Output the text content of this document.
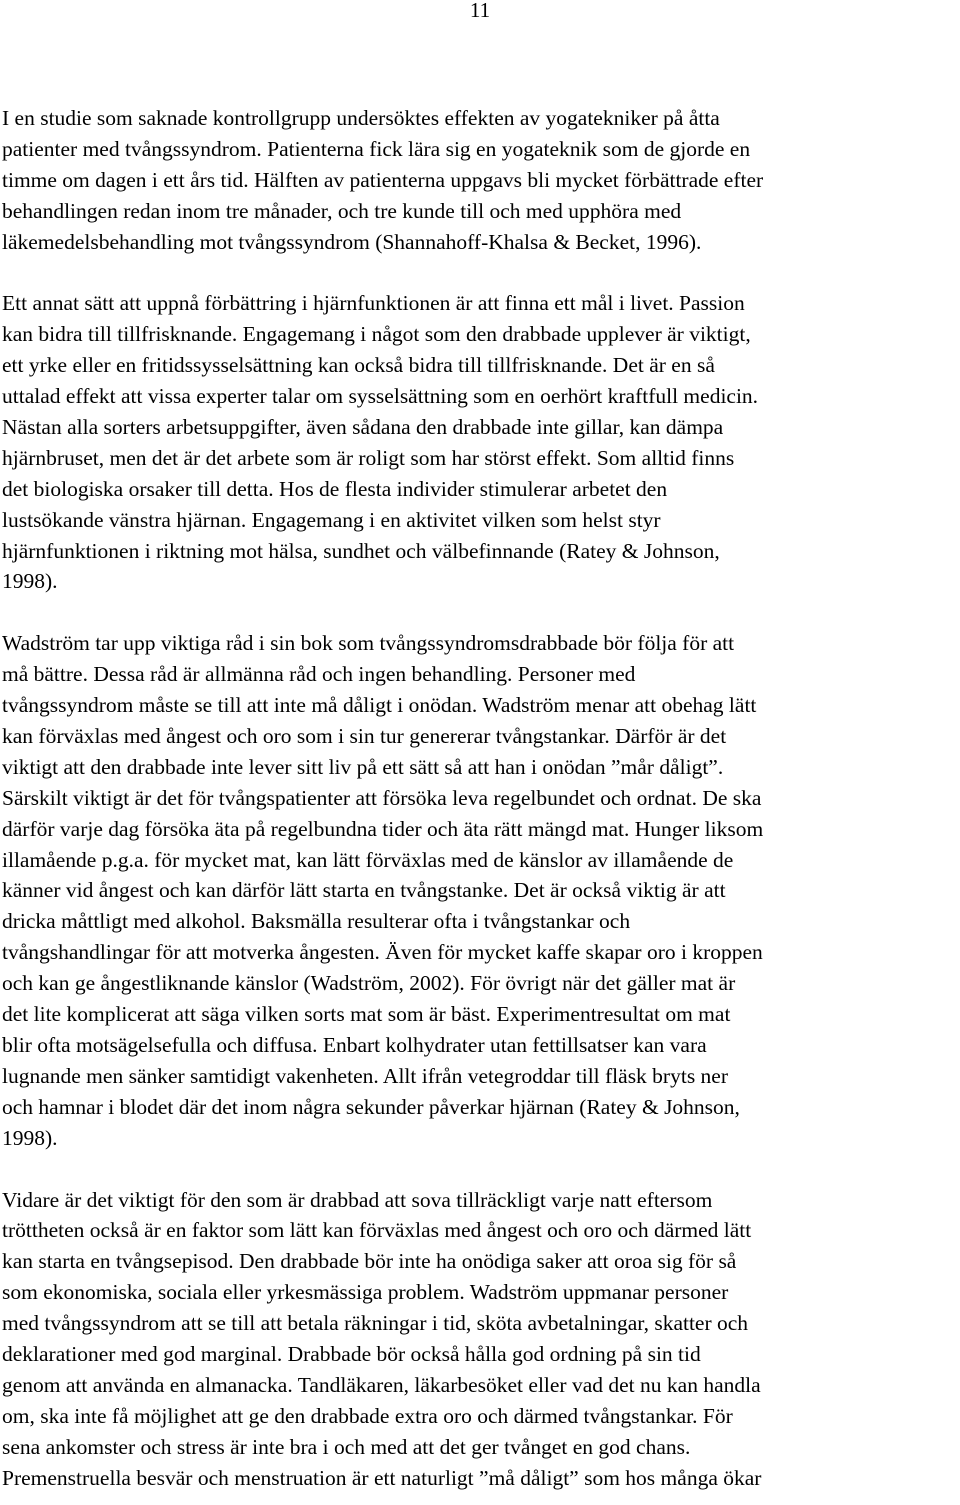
11
I en studie som saknade kontrollgrupp undersöktes effekten av yogatekniker på åtta
patienter med tvångssyndrom. Patienterna fick lära sig en yogateknik som de gjorde en
timme om dagen i ett års tid. Hälften av patienterna uppgavs bli mycket förbättrade efter
behandlingen redan inom tre månader, och tre kunde till och med upphöra med
läkemedelsbehandling mot tvångssyndrom (Shannahoff-Khalsa & Becket, 1996).
Ett annat sätt att uppnå förbättring i hjärnfunktionen är att finna ett mål i livet. Passion
kan bidra till tillfrisknande. Engagemang i något som den drabbade upplever är viktigt,
ett yrke eller en fritidssysselsättning kan också bidra till tillfrisknande. Det är en så
uttalad effekt att vissa experter talar om sysselsättning som en oerhört kraftfull medicin.
Nästan alla sorters arbetsuppgifter, även sådana den drabbade inte gillar, kan dämpa
hjärnbruset, men det är det arbete som är roligt som har störst effekt. Som alltid finns
det biologiska orsaker till detta. Hos de flesta individer stimulerar arbetet den
lustsökande vänstra hjärnan. Engagemang i en aktivitet vilken som helst styr
hjärnfunktionen i riktning mot hälsa, sundhet och välbefinnande (Ratey & Johnson,
1998).
Wadström tar upp viktiga råd i sin bok som tvångssyndromsdrabbade bör följa för att
må bättre. Dessa råd är allmänna råd och ingen behandling. Personer med
tvångssyndrom måste se till att inte må dåligt i onödan. Wadström menar att obehag lätt
kan förväxlas med ångest och oro som i sin tur genererar tvångstankar. Därför är det
viktigt att den drabbade inte lever sitt liv på ett sätt så att han i onödan ”mår dåligt”.
Särskilt viktigt är det för tvångspatienter att försöka leva regelbundet och ordnat. De ska
därför varje dag försöka äta på regelbundna tider och äta rätt mängd mat. Hunger liksom
illamående p.g.a. för mycket mat, kan lätt förväxlas med de känslor av illamående de
känner vid ångest och kan därför lätt starta en tvångstanke. Det är också viktig är att
dricka måttligt med alkohol. Baksmälla resulterar ofta i tvångstankar och
tvångshandlingar för att motverka ångesten. Även för mycket kaffe skapar oro i kroppen
och kan ge ångestliknande känslor (Wadström, 2002). För övrigt när det gäller mat är
det lite komplicerat att säga vilken sorts mat som är bäst. Experimentresultat om mat
blir ofta motsägelsefulla och diffusa. Enbart kolhydrater utan fettillsatser kan vara
lugnande men sänker samtidigt vakenheten. Allt ifrån vetegroddar till fläsk bryts ner
och hamnar i blodet där det inom några sekunder påverkar hjärnan (Ratey & Johnson,
1998).
Vidare är det viktigt för den som är drabbad att sova tillräckligt varje natt eftersom
tröttheten också är en faktor som lätt kan förväxlas med ångest och oro och därmed lätt
kan starta en tvångsepisod. Den drabbade bör inte ha onödiga saker att oroa sig för så
som ekonomiska, sociala eller yrkesmässiga problem. Wadström uppmanar personer
med tvångssyndrom att se till att betala räkningar i tid, sköta avbetalningar, skatter och
deklarationer med god marginal. Drabbade bör också hålla god ordning på sin tid
genom att använda en almanacka. Tandläkaren, läkarbesöket eller vad det nu kan handla
om, ska inte få möjlighet att ge den drabbade extra oro och därmed tvångstankar. För
sena ankomster och stress är inte bra i och med att det ger tvånget en god chans.
Premenstruella besvär och menstruation är ett naturligt ”må dåligt” som hos många ökar
